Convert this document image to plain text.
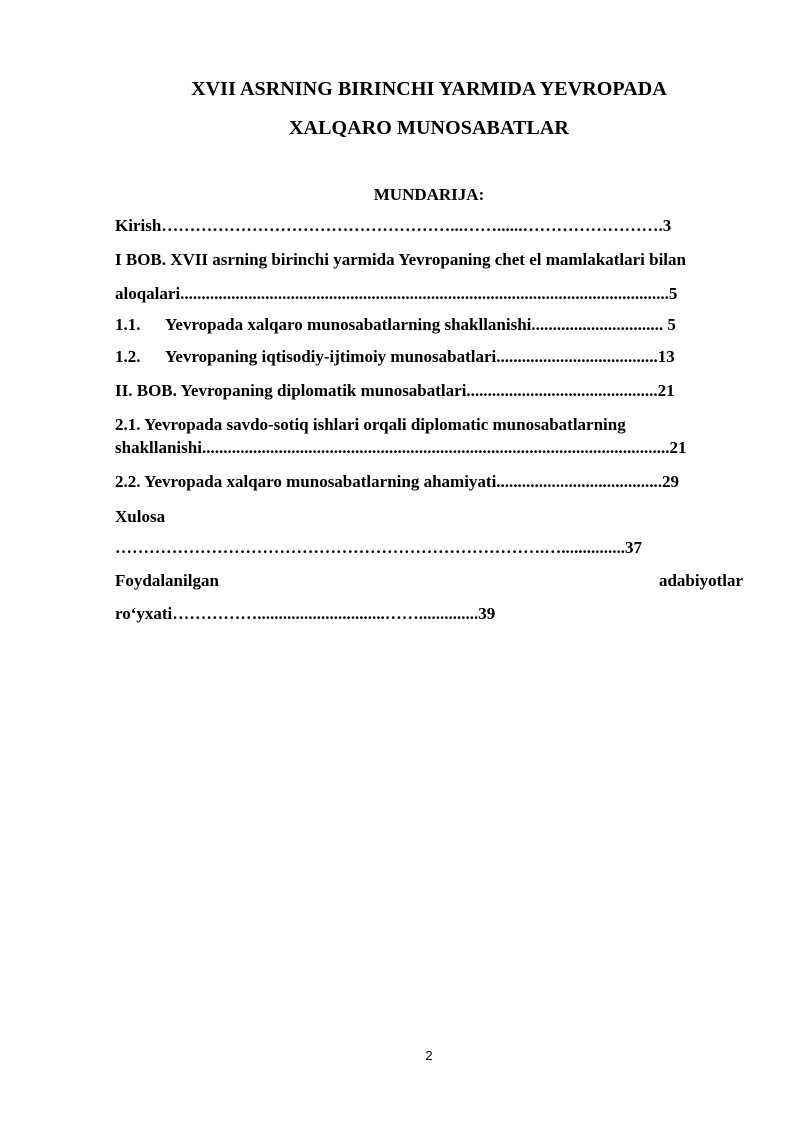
XVII ASRNING BIRINCHI YARMIDA YEVROPADA
XALQARO MUNOSABATLAR
MUNDARIJA:
Kirish……………………………………………...……......…………………….3
I BOB. XVII asrning birinchi yarmida Yevropaning chet el mamlakatlari bilan
aloqalari...................................................................................................................5
1.1. Yevropada xalqaro munosabatlarning shakllanishi............................... 5
1.2. Yevropaning iqtisodiy-ijtimoiy munosabatlari......................................13
II. BOB. Yevropaning diplomatik munosabatlari.............................................21
2.1. Yevropada savdo-sotiq ishlari orqali diplomatic munosabatlarning
shakllanishi..............................................................................................................21
2.2. Yevropada xalqaro munosabatlarning ahamiyati.......................................29
Xulosa
………………………………………………………………….…...............37
Foydalanilgan	adabiyotlar
ro‘yxati……………..............................……..............39
2
